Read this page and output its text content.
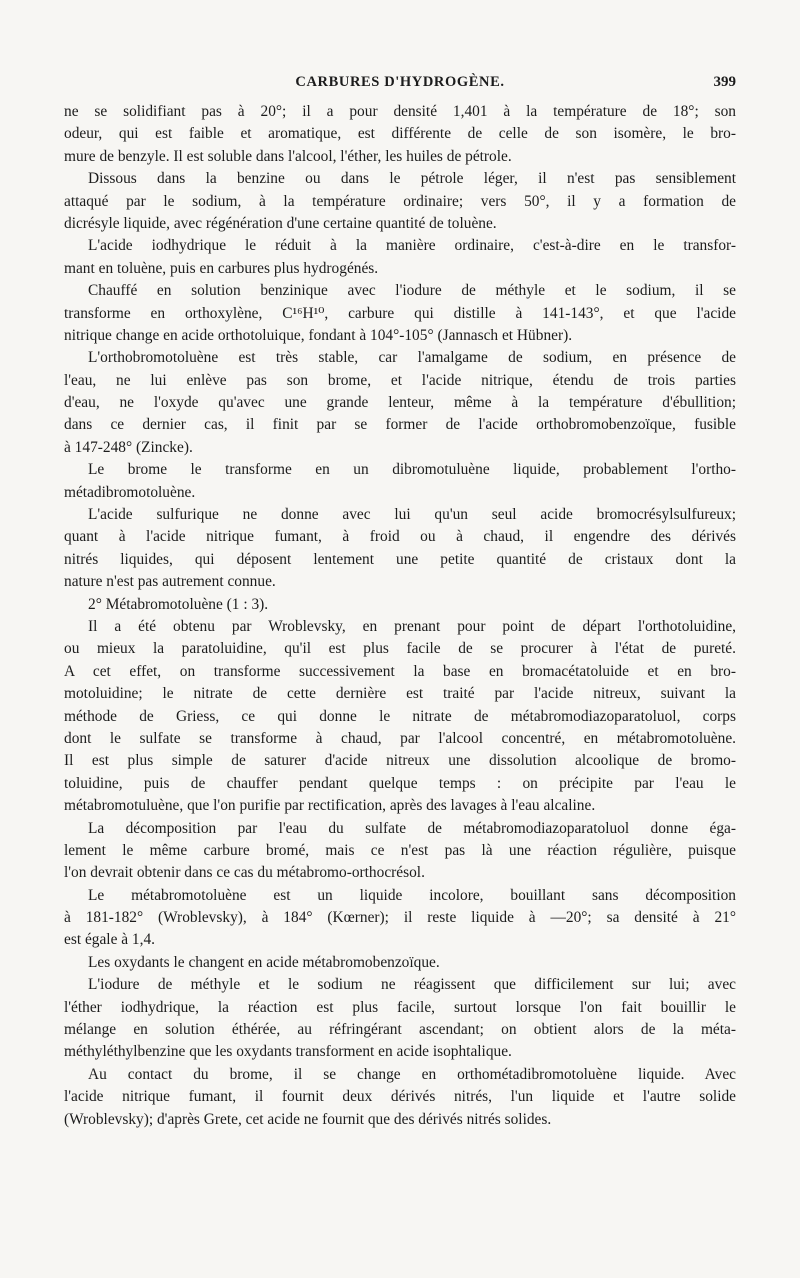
CARBURES D'HYDROGÈNE.	399
ne se solidifiant pas à 20°; il a pour densité 1,401 à la température de 18°; son
odeur, qui est faible et aromatique, est différente de celle de son isomère, le bro-
mure de benzyle. Il est soluble dans l'alcool, l'éther, les huiles de pétrole.
Dissous dans la benzine ou dans le pétrole léger, il n'est pas sensiblement
attaqué par le sodium, à la température ordinaire; vers 50°, il y a formation de
dicrésyle liquide, avec régénération d'une certaine quantité de toluène.
L'acide iodhydrique le réduit à la manière ordinaire, c'est-à-dire en le transfor-
mant en toluène, puis en carbures plus hydrogénés.
Chauffé en solution benzinique avec l'iodure de méthyle et le sodium, il se
transforme en orthoxylène, C¹⁶H¹⁰, carbure qui distille à 141-143°, et que l'acide
nitrique change en acide orthotoluique, fondant à 104°-105° (Jannasch et Hübner).
L'orthobromotoluène est très stable, car l'amalgame de sodium, en présence de
l'eau, ne lui enlève pas son brome, et l'acide nitrique, étendu de trois parties
d'eau, ne l'oxyde qu'avec une grande lenteur, même à la température d'ébullition;
dans ce dernier cas, il finit par se former de l'acide orthobromobenzoïque, fusible
à 147-248° (Zincke).
Le brome le transforme en un dibromotuluène liquide, probablement l'ortho-
métadibromotoluène.
L'acide sulfurique ne donne avec lui qu'un seul acide bromocrésylsulfureux;
quant à l'acide nitrique fumant, à froid ou à chaud, il engendre des dérivés
nitrés liquides, qui déposent lentement une petite quantité de cristaux dont la
nature n'est pas autrement connue.
2° Métabromotoluène (1 : 3).
Il a été obtenu par Wroblevsky, en prenant pour point de départ l'orthotoluidine,
ou mieux la paratoluidine, qu'il est plus facile de se procurer à l'état de pureté.
A cet effet, on transforme successivement la base en bromacétatoluide et en bro-
motoluidine; le nitrate de cette dernière est traité par l'acide nitreux, suivant la
méthode de Griess, ce qui donne le nitrate de métabromodiazoparatoluol, corps
dont le sulfate se transforme à chaud, par l'alcool concentré, en métabromotoluène.
Il est plus simple de saturer d'acide nitreux une dissolution alcoolique de bromo-
toluidine, puis de chauffer pendant quelque temps : on précipite par l'eau le
métabromotuluène, que l'on purifie par rectification, après des lavages à l'eau alcaline.
La décomposition par l'eau du sulfate de métabromodiazoparatoluol donne éga-
lement le même carbure bromé, mais ce n'est pas là une réaction régulière, puisque
l'on devrait obtenir dans ce cas du métabromo-orthocrésol.
Le métabromotoluène est un liquide incolore, bouillant sans décomposition
à 181-182° (Wroblevsky), à 184° (Kœrner); il reste liquide à —20°; sa densité à 21°
est égale à 1,4.
Les oxydants le changent en acide métabromobenzoïque.
L'iodure de méthyle et le sodium ne réagissent que difficilement sur lui; avec
l'éther iodhydrique, la réaction est plus facile, surtout lorsque l'on fait bouillir le
mélange en solution éthérée, au réfringérant ascendant; on obtient alors de la méta-
méthyléthylbenzine que les oxydants transforment en acide isophtalique.
Au contact du brome, il se change en orthométadibromotoluène liquide. Avec
l'acide nitrique fumant, il fournit deux dérivés nitrés, l'un liquide et l'autre solide
(Wroblevsky); d'après Grete, cet acide ne fournit que des dérivés nitrés solides.
